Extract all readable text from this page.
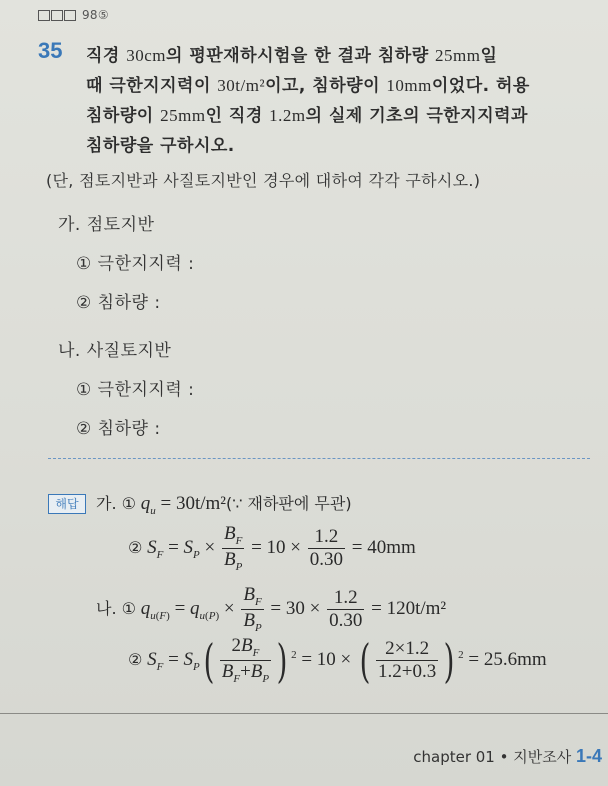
98⑤
35 직경 30cm의 평판재하시험을 한 결과 침하량 25mm일
때 극한지지력이 30t/m²이고, 침하량이 10mm이었다. 허용
침하량이 25mm인 직경 1.2m의 실제 기초의 극한지지력과
침하량을 구하시오.
(단, 점토지반과 사질토지반인 경우에 대하여 각각 구하시오.)
가. 점토지반
① 극한지지력 :
② 침하량 :
나. 사질토지반
① 극한지지력 :
② 침하량 :
해답	가. ① $q_u$ = 30t/m²(∵ 재하판에 무관)
② $S_F = S_P \times \frac{B_F}{B_P} = 10 \times \frac{1.2}{0.30} = 40mm$
나. ① $q_{u(F)} = q_{u(P)} \times \frac{B_F}{B_P} = 30 \times \frac{1.2}{0.30} = 120t/m^2$
② $S_F = S_P( \frac{2B_F}{B_F+B_P}$ ) $^2$ = 10 × ( $\frac{2\times 1.2}{1.2+0.3}$ ) $^2$ = 25.6mm
chapter 01 • 지반조사 1-4
